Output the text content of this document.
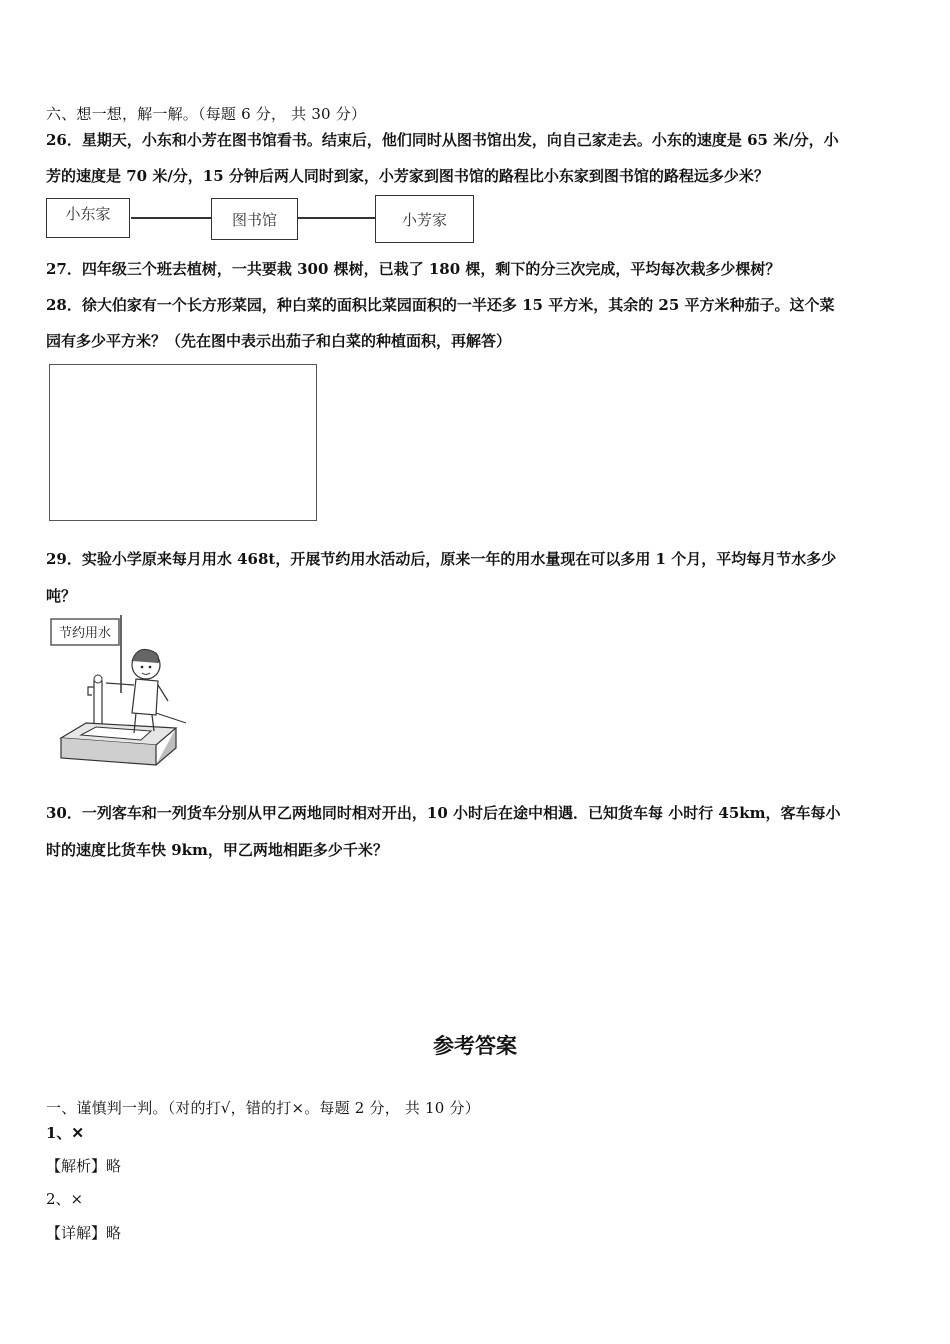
六、想一想，解一解。（每题 6 分， 共 30 分）
26．星期天，小东和小芳在图书馆看书。结束后，他们同时从图书馆出发，向自己家走去。小东的速度是 65 米/分，小
芳的速度是 70 米/分，15 分钟后两人同时到家，小芳家到图书馆的路程比小东家到图书馆的路程远多少米？
小东家	图书馆	小芳家
27．四年级三个班去植树，一共要栽 300 棵树，已栽了 180 棵，剩下的分三次完成，平均每次栽多少棵树？
28．徐大伯家有一个长方形菜园，种白菜的面积比菜园面积的一半还多 15 平方米，其余的 25 平方米种茄子。这个菜
园有多少平方米？（先在图中表示出茄子和白菜的种植面积，再解答）
29．实验小学原来每月用水 468t，开展节约用水活动后，原来一年的用水量现在可以多用 1 个月，平均每月节水多少
吨？
节约用水
30．一列客车和一列货车分别从甲乙两地同时相对开出，10 小时后在途中相遇．已知货车每 小时行 45km，客车每小
时的速度比货车快 9km，甲乙两地相距多少千米？
参考答案
一、谨慎判一判。（对的打√，错的打×。每题 2 分， 共 10 分）
1、✕
【解析】略
2、×
【详解】略
